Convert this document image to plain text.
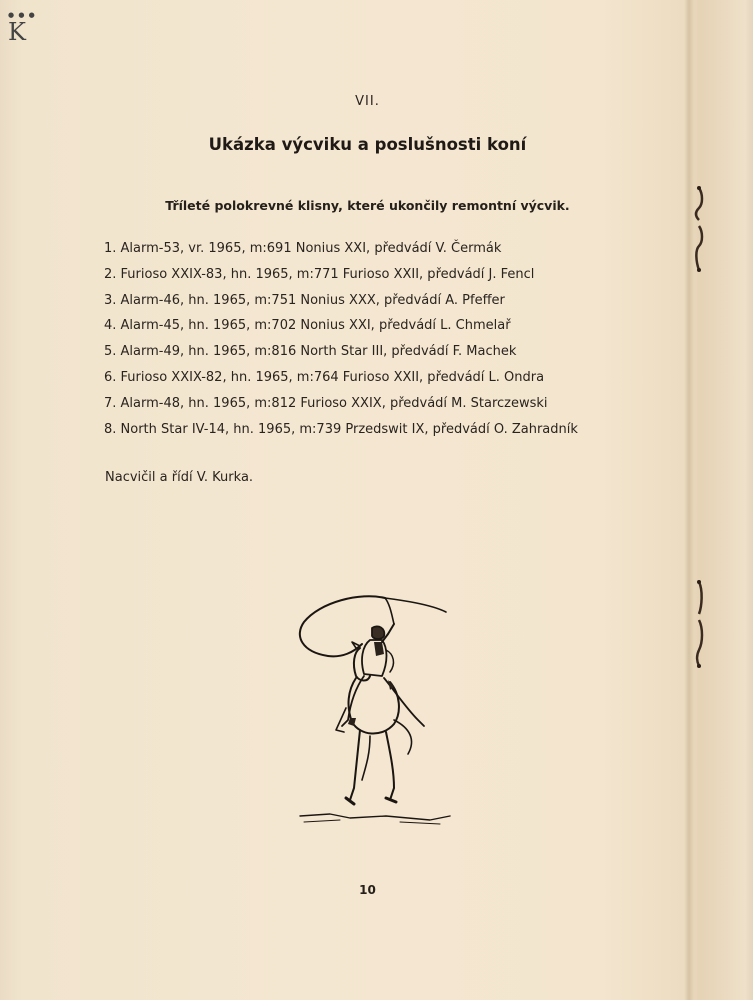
● ● ●
K
VII.
Ukázka výcviku a poslušnosti koní
Tříleté polokrevné klisny, které ukončily remontní výcvik.
1. Alarm-53, vr. 1965, m:691 Nonius XXI, předvádí V. Čermák
2. Furioso XXIX-83, hn. 1965, m:771 Furioso XXII, předvádí J. Fencl
3. Alarm-46, hn. 1965, m:751 Nonius XXX, předvádí A. Pfeffer
4. Alarm-45, hn. 1965, m:702 Nonius XXI, předvádí L. Chmelař
5. Alarm-49, hn. 1965, m:816 North Star III, předvádí F. Machek
6. Furioso XXIX-82, hn. 1965, m:764 Furioso XXII, předvádí L. Ondra
7. Alarm-48, hn. 1965, m:812 Furioso XXIX, předvádí M. Starczewski
8. North Star IV-14, hn. 1965, m:739 Przedswit IX, předvádí O. Zahradník
Nacvičil a řídí V. Kurka.
10
